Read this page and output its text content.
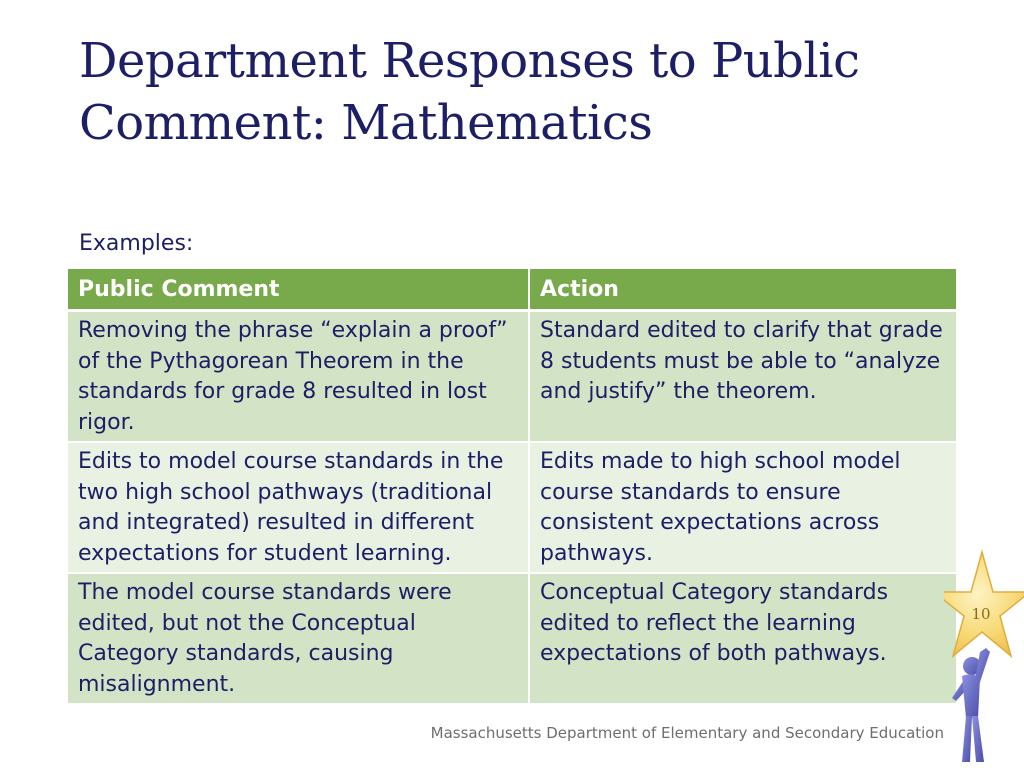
Department Responses to Public Comment: Mathematics
Examples:
Public Comment	Action
Removing the phrase “explain a proof” of the Pythagorean Theorem in the standards for grade 8 resulted in lost rigor.	Standard edited to clarify that grade 8 students must be able to “analyze and justify” the theorem.
Edits to model course standards in the two high school pathways (traditional and integrated) resulted in different expectations for student learning.	Edits made to high school model course standards to ensure consistent expectations across pathways.
The model course standards were edited, but not the Conceptual Category standards, causing misalignment.	Conceptual Category standards edited to reflect the learning expectations of both pathways.
10
Massachusetts Department of Elementary and Secondary Education
